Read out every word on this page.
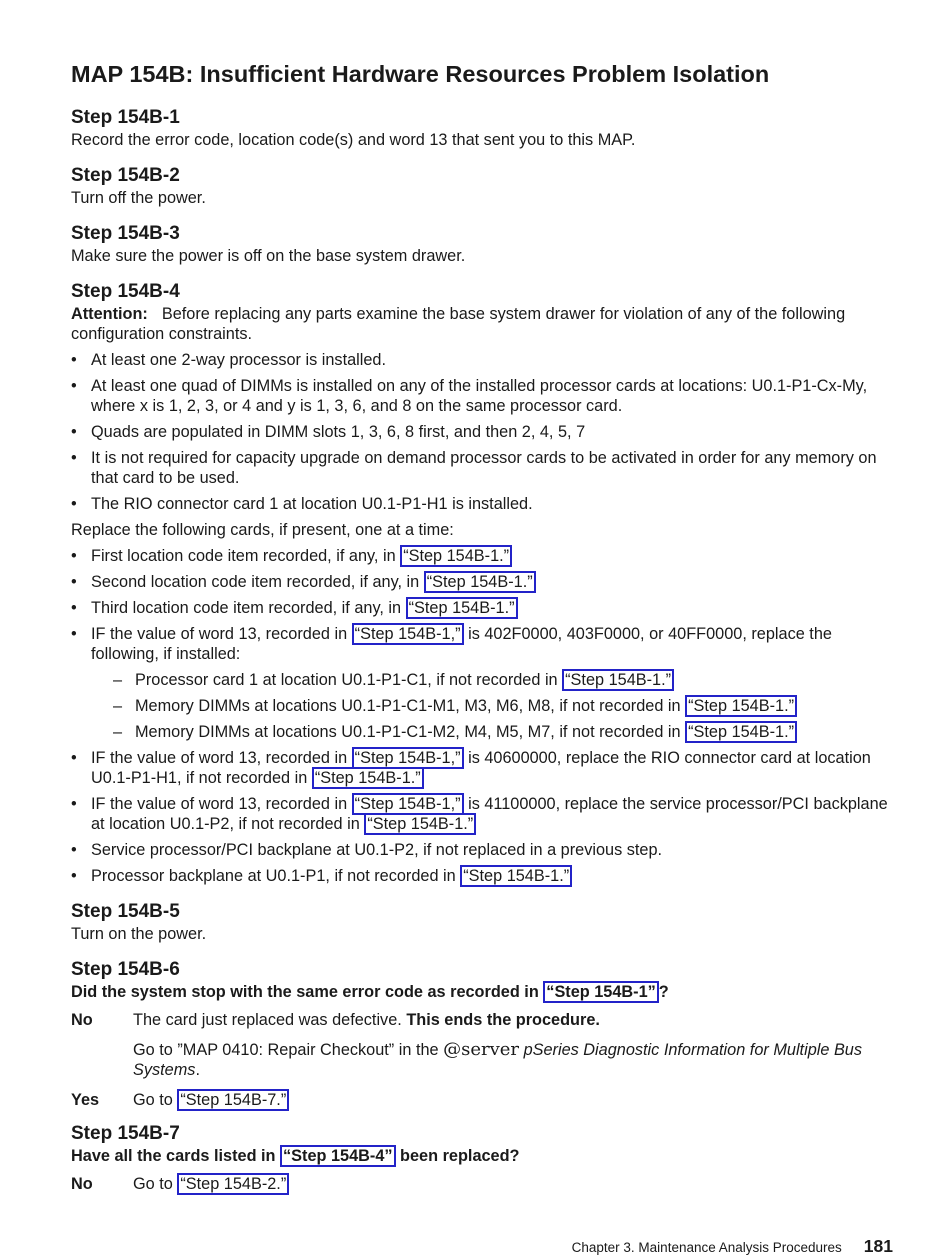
MAP 154B: Insufficient Hardware Resources Problem Isolation
Step 154B-1

Record the error code, location code(s) and word 13 that sent you to this MAP.

Step 154B-2

Turn off the power.

Step 154B-3

Make sure the power is off on the base system drawer.

Step 154B-4

Attention: Before replacing any parts examine the base system drawer for violation of any of the following configuration constraints.

• At least one 2-way processor is installed.
• At least one quad of DIMMs is installed on any of the installed processor cards at locations: U0.1-P1-Cx-My, where x is 1, 2, 3, or 4 and y is 1, 3, 6, and 8 on the same processor card.
• Quads are populated in DIMM slots 1, 3, 6, 8 first, and then 2, 4, 5, 7
• It is not required for capacity upgrade on demand processor cards to be activated in order for any memory on that card to be used.
• The RIO connector card 1 at location U0.1-P1-H1 is installed.

Replace the following cards, if present, one at a time:

• First location code item recorded, if any, in “Step 154B-1.”
• Second location code item recorded, if any, in “Step 154B-1.”
• Third location code item recorded, if any, in “Step 154B-1.”
• IF the value of word 13, recorded in “Step 154B-1,” is 402F0000, 403F0000, or 40FF0000, replace the following, if installed:
– Processor card 1 at location U0.1-P1-C1, if not recorded in “Step 154B-1.”
– Memory DIMMs at locations U0.1-P1-C1-M1, M3, M6, M8, if not recorded in “Step 154B-1.”
– Memory DIMMs at locations U0.1-P1-C1-M2, M4, M5, M7, if not recorded in “Step 154B-1.”
• IF the value of word 13, recorded in “Step 154B-1,” is 40600000, replace the RIO connector card at location U0.1-P1-H1, if not recorded in “Step 154B-1.”
• IF the value of word 13, recorded in “Step 154B-1,” is 41100000, replace the service processor/PCI backplane at location U0.1-P2, if not recorded in “Step 154B-1.”
• Service processor/PCI backplane at U0.1-P2, if not replaced in a previous step.
• Processor backplane at U0.1-P1, if not recorded in “Step 154B-1.”
Step 154B-5

Turn on the power.

Step 154B-6

Did the system stop with the same error code as recorded in “Step 154B-1” ?

No	The card just replaced was defective. This ends the procedure.

Go to ”MAP 0410: Repair Checkout” in the @server pSeries Diagnostic Information for Multiple Bus Systems.

Yes	Go to “Step 154B-7.”
Step 154B-7

Have all the cards listed in “Step 154B-4” been replaced?

No	Go to “Step 154B-2.”
Chapter 3. Maintenance Analysis Procedures 181
